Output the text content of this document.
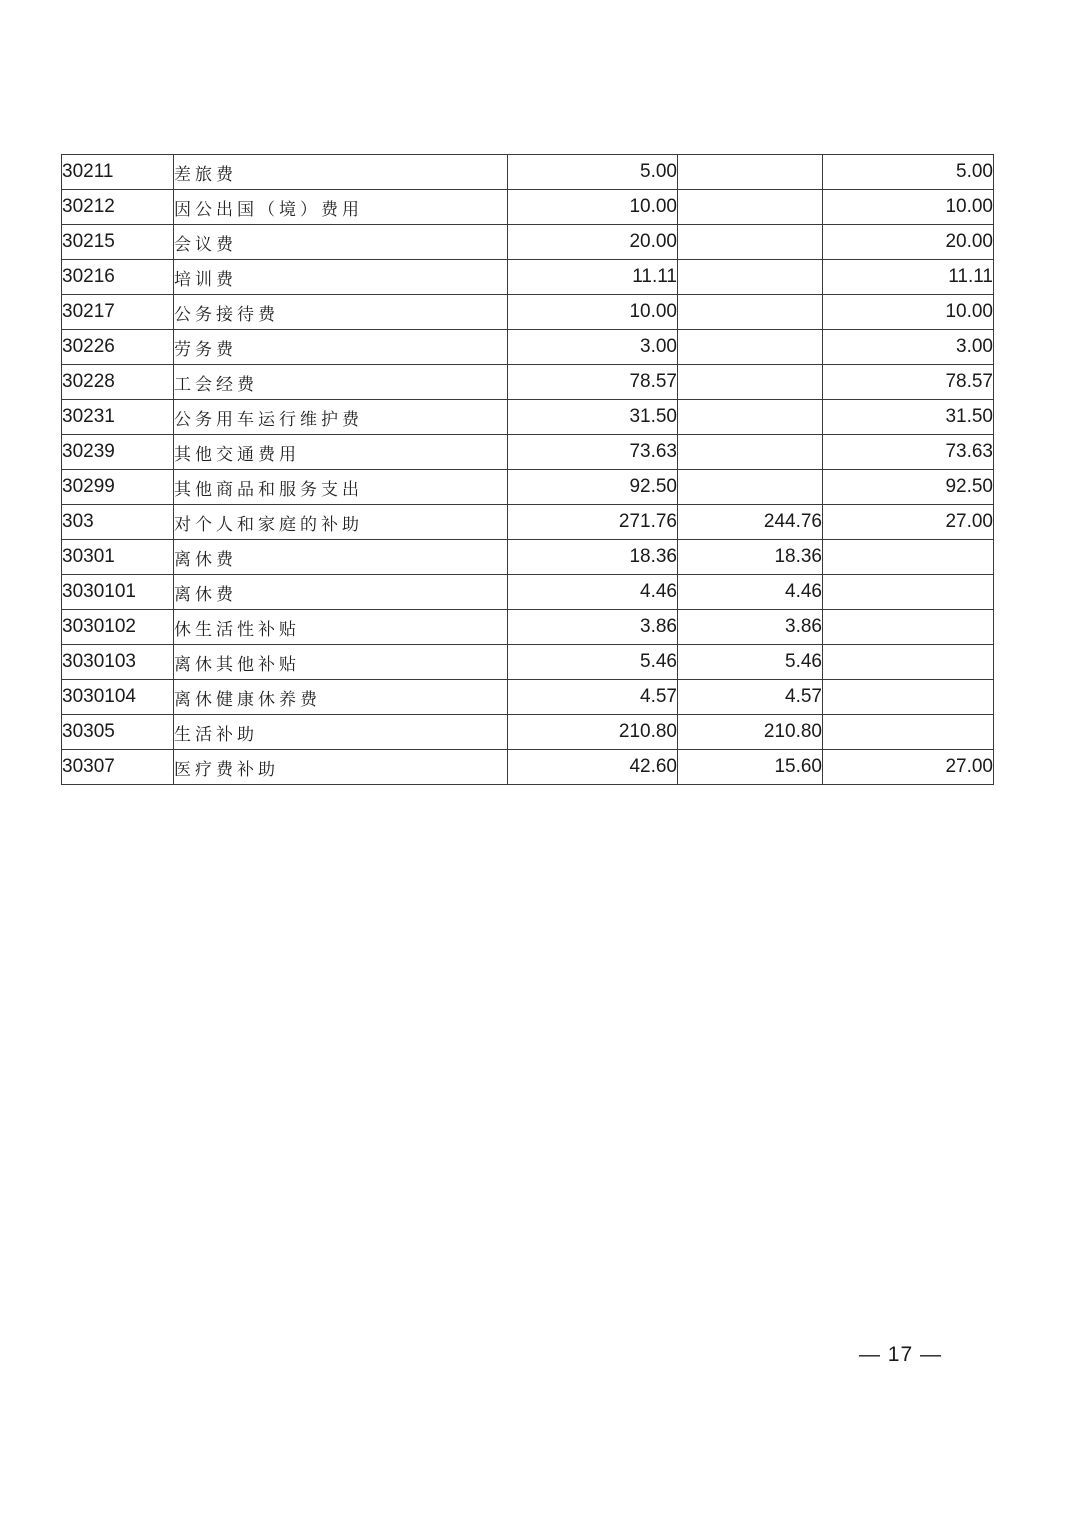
30211	差旅费	5.00		5.00
30212	因公出国（境）费用	10.00		10.00
30215	会议费	20.00		20.00
30216	培训费	11.11		11.11
30217	公务接待费	10.00		10.00
30226	劳务费	3.00		3.00
30228	工会经费	78.57		78.57
30231	公务用车运行维护费	31.50		31.50
30239	其他交通费用	73.63		73.63
30299	其他商品和服务支出	92.50		92.50
303	对个人和家庭的补助	271.76	244.76	27.00
30301	离休费	18.36	18.36	
3030101	离休费	4.46	4.46	
3030102	休生活性补贴	3.86	3.86	
3030103	离休其他补贴	5.46	5.46	
3030104	离休健康休养费	4.57	4.57	
30305	生活补助	210.80	210.80	
30307	医疗费补助	42.60	15.60	27.00
— 17 —
